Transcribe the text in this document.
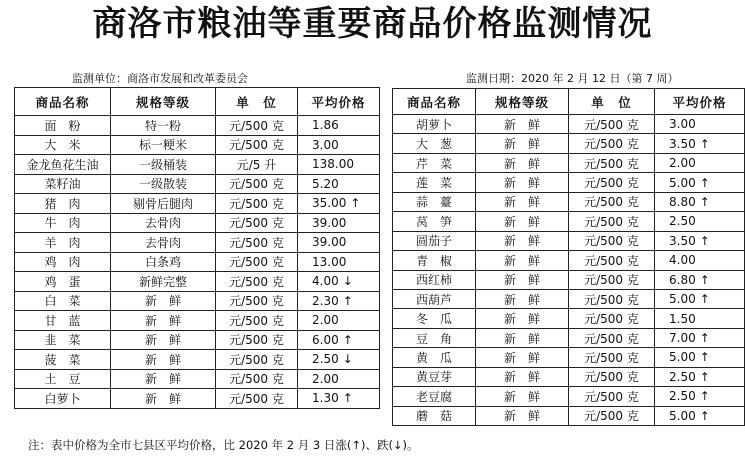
商洛市粮油等重要商品价格监测情况
监测单位：商洛市发展和改革委员会	监测日期：2020 年 2 月 12 日（第 7 周）
商品名称	规格等级	单　位	平均价格
面　粉	特一粉	元/500 克	1.86
大　米	标一粳米	元/500 克	3.00
金龙鱼花生油	一级桶装	元/5 升	138.00
菜籽油	一级散装	元/500 克	5.20
猪　肉	剔骨后腿肉	元/500 克	35.00 ↑
牛　肉	去骨肉	元/500 克	39.00
羊　肉	去骨肉	元/500 克	39.00
鸡　肉	白条鸡	元/500 克	13.00
鸡　蛋	新鲜完整	元/500 克	4.00 ↓
白　菜	新　鲜	元/500 克	2.30 ↑
甘　蓝	新　鲜	元/500 克	2.00
韭　菜	新　鲜	元/500 克	6.00 ↑
菠　菜	新　鲜	元/500 克	2.50 ↓
土　豆	新　鲜	元/500 克	2.00
白萝卜	新　鲜	元/500 克	1.30 ↑
商品名称	规格等级	单　位	平均价格
胡萝卜	新　鲜	元/500 克	3.00
大　葱	新　鲜	元/500 克	3.50 ↑
芹　菜	新　鲜	元/500 克	2.00
莲　菜	新　鲜	元/500 克	5.00 ↑
蒜　薹	新　鲜	元/500 克	8.80 ↑
莴　笋	新　鲜	元/500 克	2.50
圆茄子	新　鲜	元/500 克	3.50 ↑
青　椒	新　鲜	元/500 克	4.00
西红柿	新　鲜	元/500 克	6.80 ↑
西葫芦	新　鲜	元/500 克	5.00 ↑
冬　瓜	新　鲜	元/500 克	1.50
豆　角	新　鲜	元/500 克	7.00 ↑
黄　瓜	新　鲜	元/500 克	5.00 ↑
黄豆芽	新　鲜	元/500 克	2.50 ↑
老豆腐	新　鲜	元/500 克	2.50 ↑
蘑　菇	新　鲜	元/500 克	5.00 ↑
注：表中价格为全市七县区平均价格，比 2020 年 2 月 3 日涨(↑)、跌(↓)。
